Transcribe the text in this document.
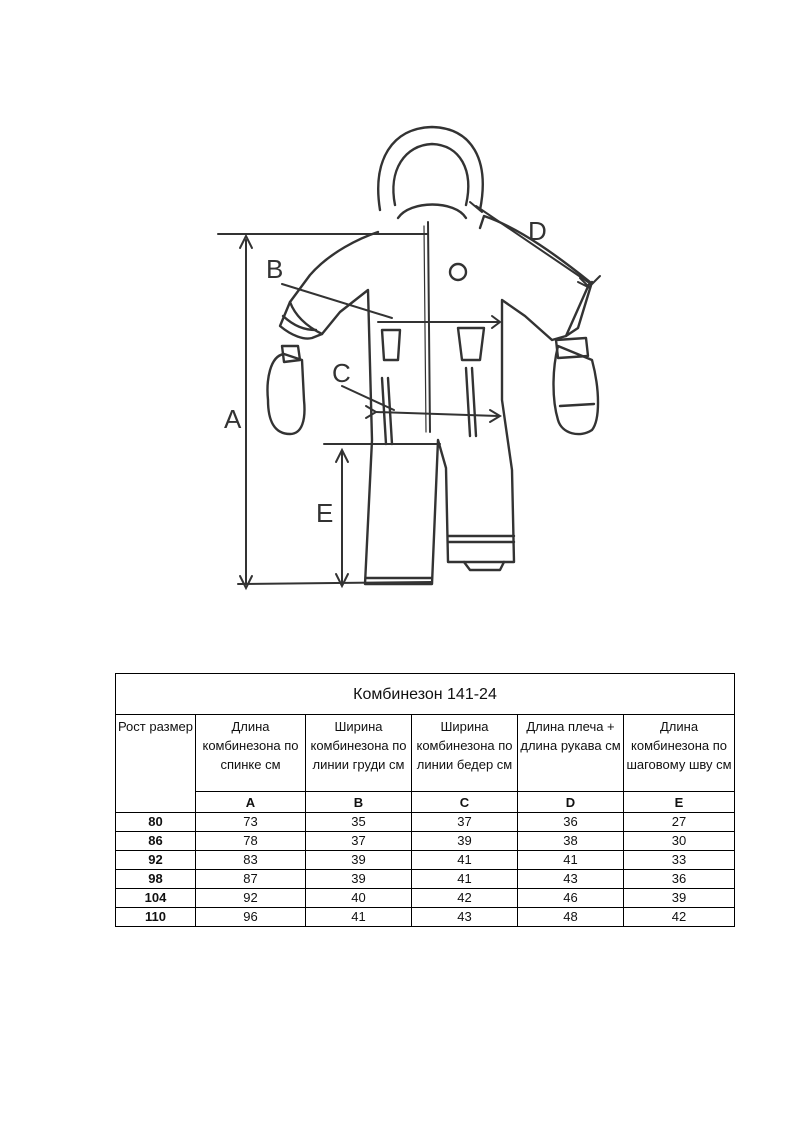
A
B
C
D
E
Комбинезон 141-24					
Рост размер	Длина комбинезона по спинке см	Ширина комбинезона по линии груди см	Ширина комбинезона по линии бедер см	Длина плеча + длина рукава см	Длина комбинезона по шаговому шву см
	A	B	C	D	E
80	73	35	37	36	27
86	78	37	39	38	30
92	83	39	41	41	33
98	87	39	41	43	36
104	92	40	42	46	39
110	96	41	43	48	42
